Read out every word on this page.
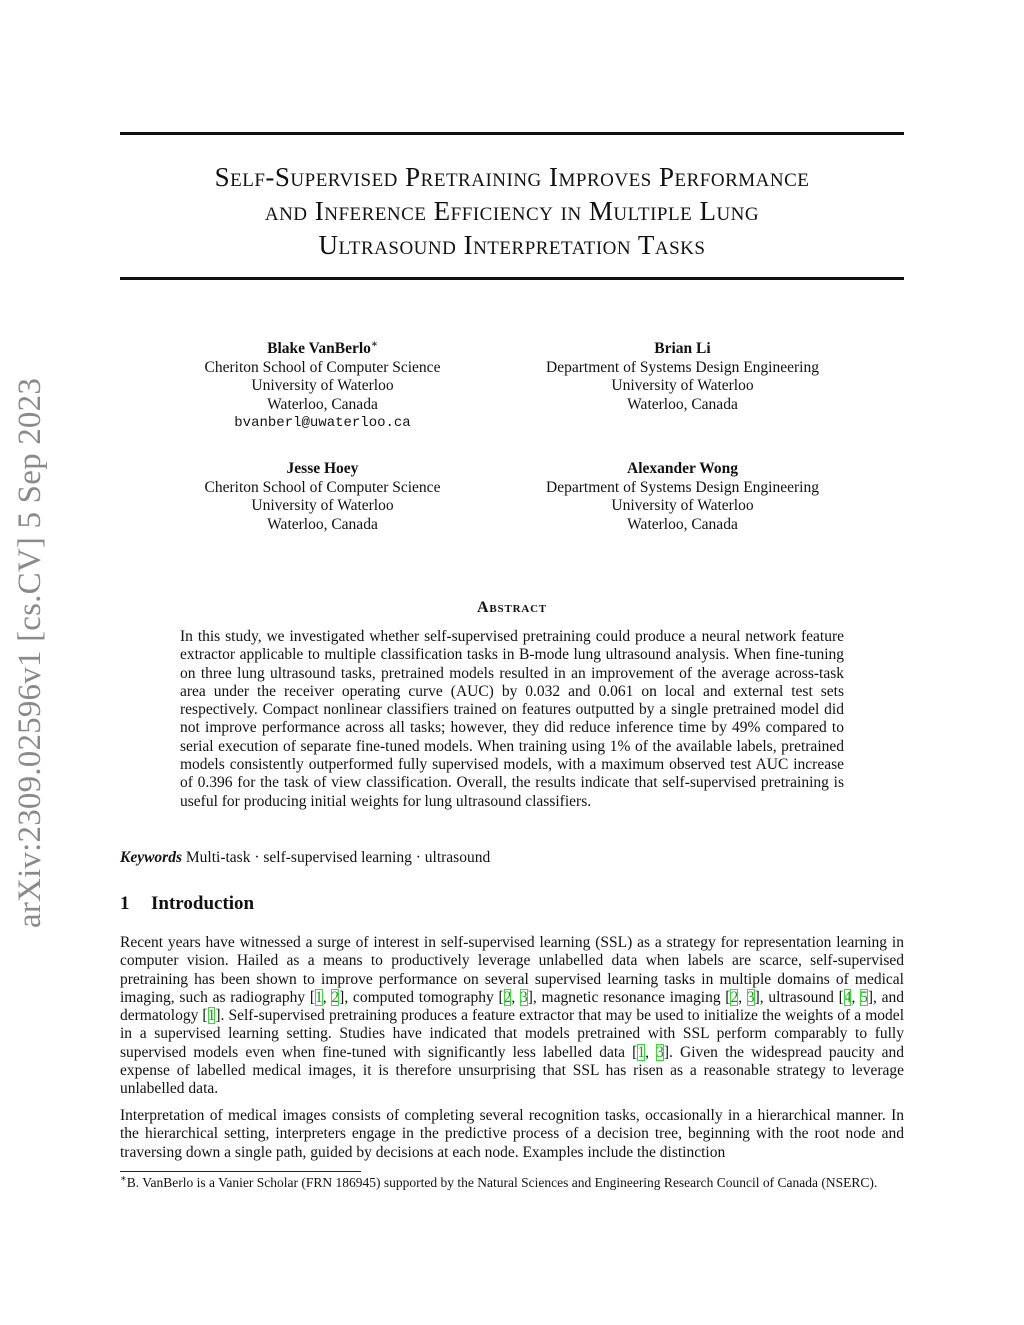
arXiv:2309.02596v1 [cs.CV] 5 Sep 2023
Self-Supervised Pretraining Improves Performance
and Inference Efficiency in Multiple Lung
Ultrasound Interpretation Tasks
Blake VanBerlo∗
Cheriton School of Computer Science
University of Waterloo
Waterloo, Canada
bvanberl@uwaterloo.ca
Brian Li
Department of Systems Design Engineering
University of Waterloo
Waterloo, Canada
Jesse Hoey
Cheriton School of Computer Science
University of Waterloo
Waterloo, Canada
Alexander Wong
Department of Systems Design Engineering
University of Waterloo
Waterloo, Canada
Abstract
In this study, we investigated whether self-supervised pretraining could produce a neural network feature extractor applicable to multiple classification tasks in B-mode lung ultrasound analysis. When fine-tuning on three lung ultrasound tasks, pretrained models resulted in an improvement of the average across-task area under the receiver operating curve (AUC) by 0.032 and 0.061 on local and external test sets respectively. Compact nonlinear classifiers trained on features outputted by a single pretrained model did not improve performance across all tasks; however, they did reduce inference time by 49% compared to serial execution of separate fine-tuned models. When training using 1% of the available labels, pretrained models consistently outperformed fully supervised models, with a maximum observed test AUC increase of 0.396 for the task of view classification. Overall, the results indicate that self-supervised pretraining is useful for producing initial weights for lung ultrasound classifiers.
Keywords Multi-task · self-supervised learning · ultrasound
1 Introduction
Recent years have witnessed a surge of interest in self-supervised learning (SSL) as a strategy for representation learning in computer vision. Hailed as a means to productively leverage unlabelled data when labels are scarce, self-supervised pretraining has been shown to improve performance on several supervised learning tasks in multiple domains of medical imaging, such as radiography [1, 2], computed tomography [2, 3], magnetic resonance imaging [2, 3], ultrasound [4, 5], and dermatology [1]. Self-supervised pretraining produces a feature extractor that may be used to initialize the weights of a model in a supervised learning setting. Studies have indicated that models pretrained with SSL perform comparably to fully supervised models even when fine-tuned with significantly less labelled data [1, 3]. Given the widespread paucity and expense of labelled medical images, it is therefore unsurprising that SSL has risen as a reasonable strategy to leverage unlabelled data.
Interpretation of medical images consists of completing several recognition tasks, occasionally in a hierarchical manner. In the hierarchical setting, interpreters engage in the predictive process of a decision tree, beginning with the root node and traversing down a single path, guided by decisions at each node. Examples include the distinction
∗B. VanBerlo is a Vanier Scholar (FRN 186945) supported by the Natural Sciences and Engineering Research Council of Canada (NSERC).
